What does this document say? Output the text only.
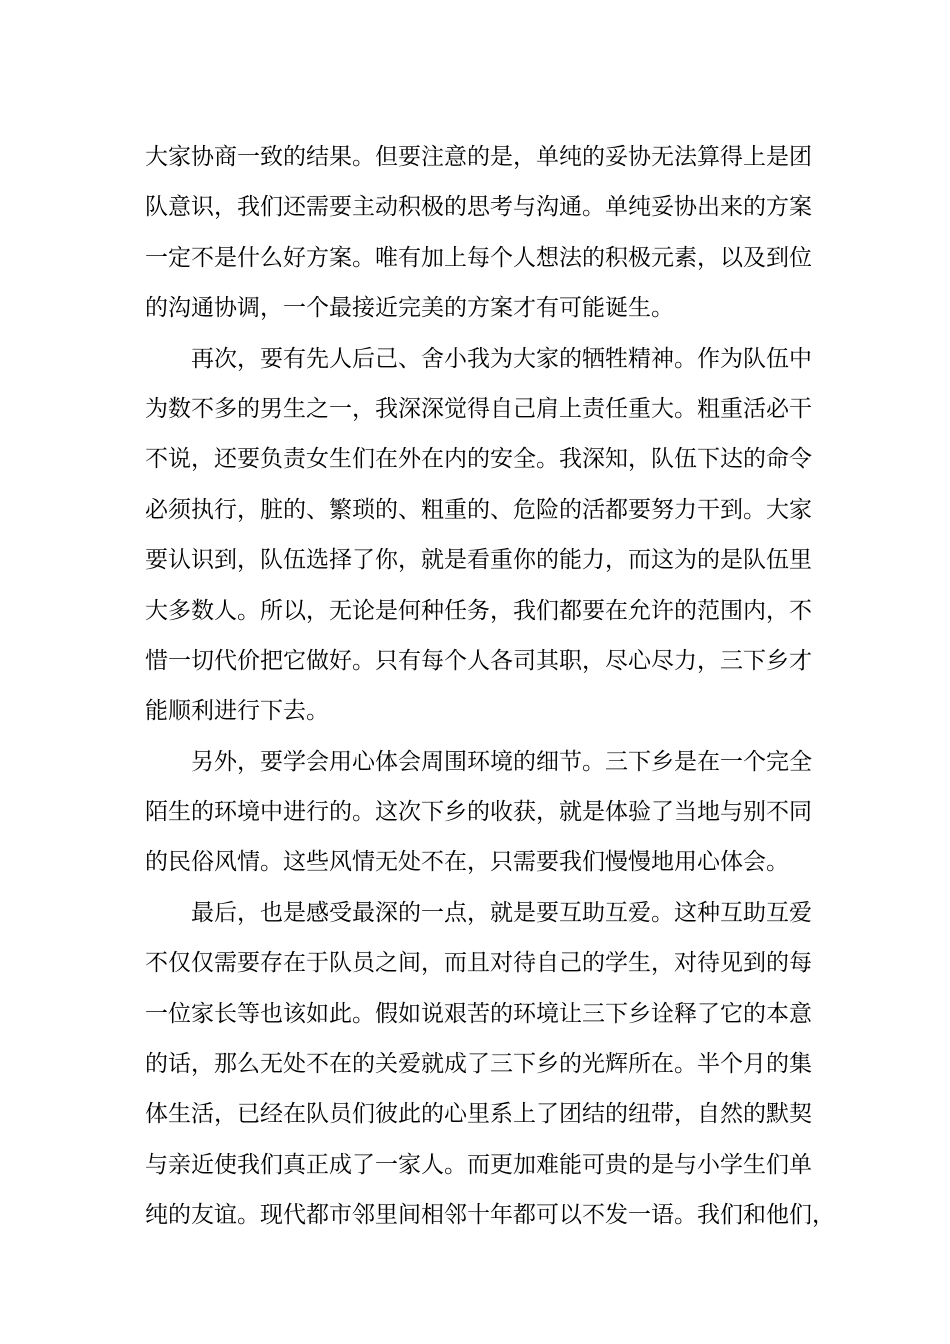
大家协商一致的结果。但要注意的是，单纯的妥协无法算得上是团
队意识，我们还需要主动积极的思考与沟通。单纯妥协出来的方案
一定不是什么好方案。唯有加上每个人想法的积极元素，以及到位
的沟通协调，一个最接近完美的方案才有可能诞生。
再次，要有先人后己、舍小我为大家的牺牲精神。作为队伍中
为数不多的男生之一，我深深觉得自己肩上责任重大。粗重活必干
不说，还要负责女生们在外在内的安全。我深知，队伍下达的命令
必须执行，脏的、繁琐的、粗重的、危险的活都要努力干到。大家
要认识到，队伍选择了你，就是看重你的能力，而这为的是队伍里
大多数人。所以，无论是何种任务，我们都要在允许的范围内，不
惜一切代价把它做好。只有每个人各司其职，尽心尽力，三下乡才
能顺利进行下去。
另外，要学会用心体会周围环境的细节。三下乡是在一个完全
陌生的环境中进行的。这次下乡的收获，就是体验了当地与别不同
的民俗风情。这些风情无处不在，只需要我们慢慢地用心体会。
最后，也是感受最深的一点，就是要互助互爱。这种互助互爱
不仅仅需要存在于队员之间，而且对待自己的学生，对待见到的每
一位家长等也该如此。假如说艰苦的环境让三下乡诠释了它的本意
的话，那么无处不在的关爱就成了三下乡的光辉所在。半个月的集
体生活，已经在队员们彼此的心里系上了团结的纽带，自然的默契
与亲近使我们真正成了一家人。而更加难能可贵的是与小学生们单
纯的友谊。现代都市邻里间相邻十年都可以不发一语。我们和他们，
